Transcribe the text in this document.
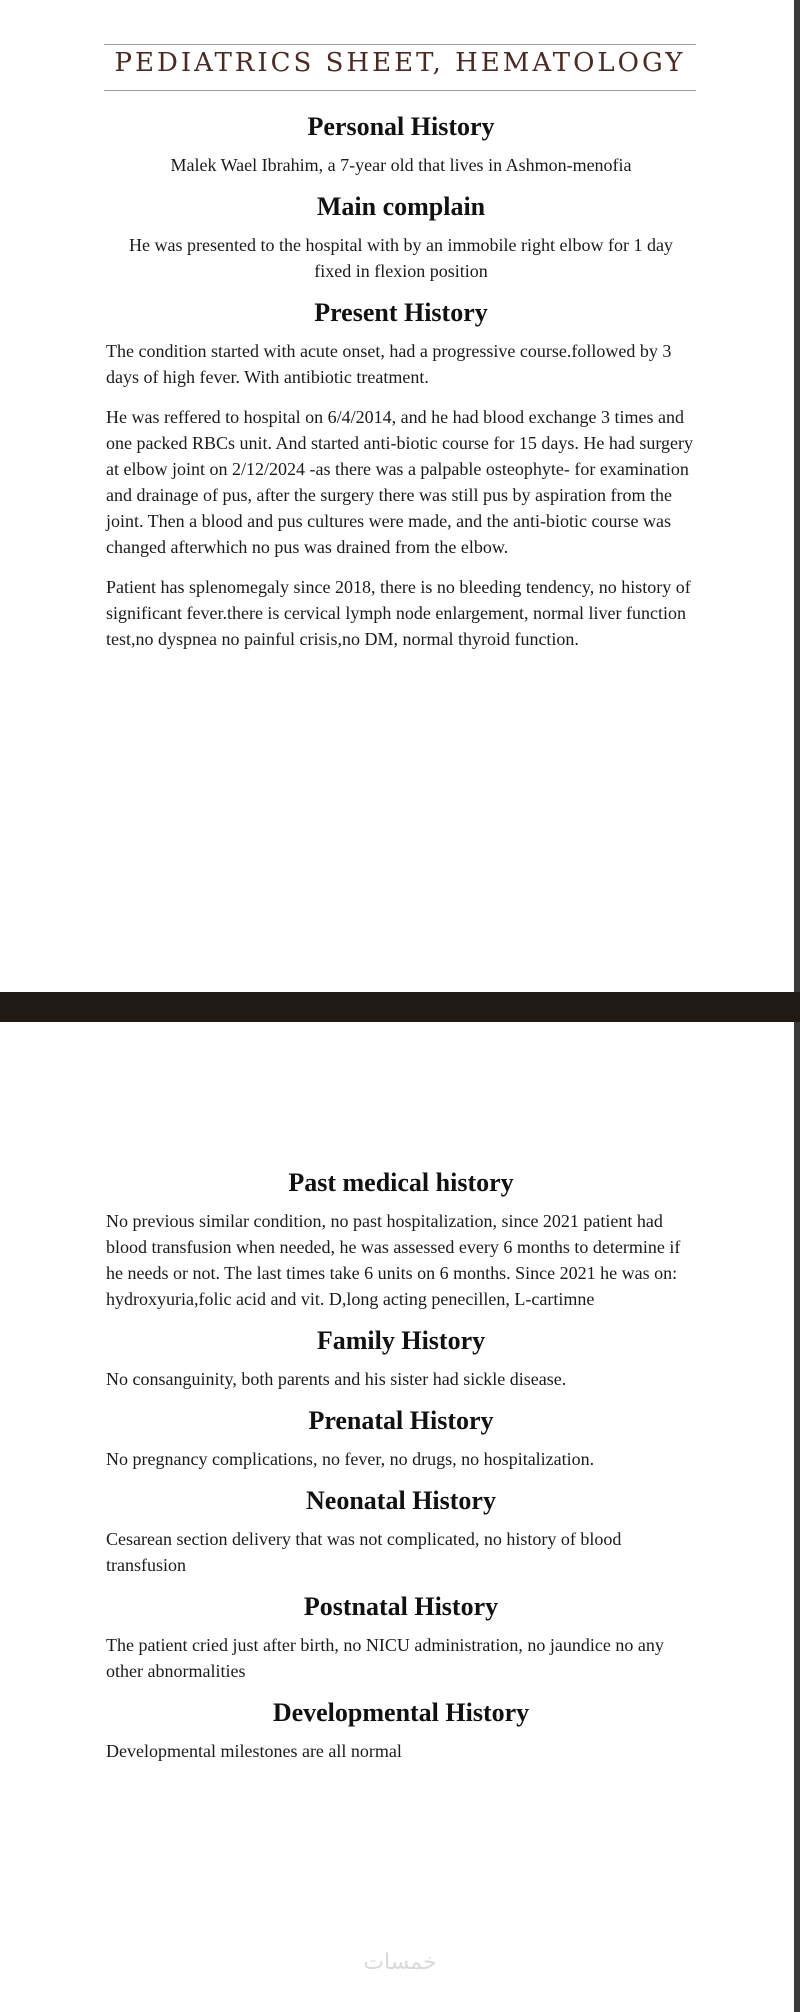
PEDIATRICS SHEET, HEMATOLOGY
Personal History

Malek Wael Ibrahim, a 7-year old that lives in Ashmon-menofia

Main complain

He was presented to the hospital with by an immobile right elbow for 1 day fixed in flexion position

Present History

The condition started with acute onset, had a progressive course.followed by 3 days of high fever. With antibiotic treatment.

He was reffered to hospital on 6/4/2014, and he had blood exchange 3 times and one packed RBCs unit. And started anti-biotic course for 15 days. He had surgery at elbow joint on 2/12/2024 -as there was a palpable osteophyte- for examination and drainage of pus, after the surgery there was still pus by aspiration from the joint. Then a blood and pus cultures were made, and the anti-biotic course was changed afterwhich no pus was drained from the elbow.

Patient has splenomegaly since 2018, there is no bleeding tendency, no history of significant fever.there is cervical lymph node enlargement, normal liver function test,no dyspnea no painful crisis,no DM, normal thyroid function.

Past medical history

No previous similar condition, no past hospitalization, since 2021 patient had blood transfusion when needed, he was assessed every 6 months to determine if he needs or not. The last times take 6 units on 6 months. Since 2021 he was on: hydroxyuria,folic acid and vit. D,long acting penecillen, L-cartimne

Family History

No consanguinity, both parents and his sister had sickle disease.

Prenatal History

No pregnancy complications, no fever, no drugs, no hospitalization.

Neonatal History

Cesarean section delivery that was not complicated, no history of blood transfusion

Postnatal History

The patient cried just after birth, no NICU administration, no jaundice no any other abnormalities

Developmental History

Developmental milestones are all normal

خمسات
